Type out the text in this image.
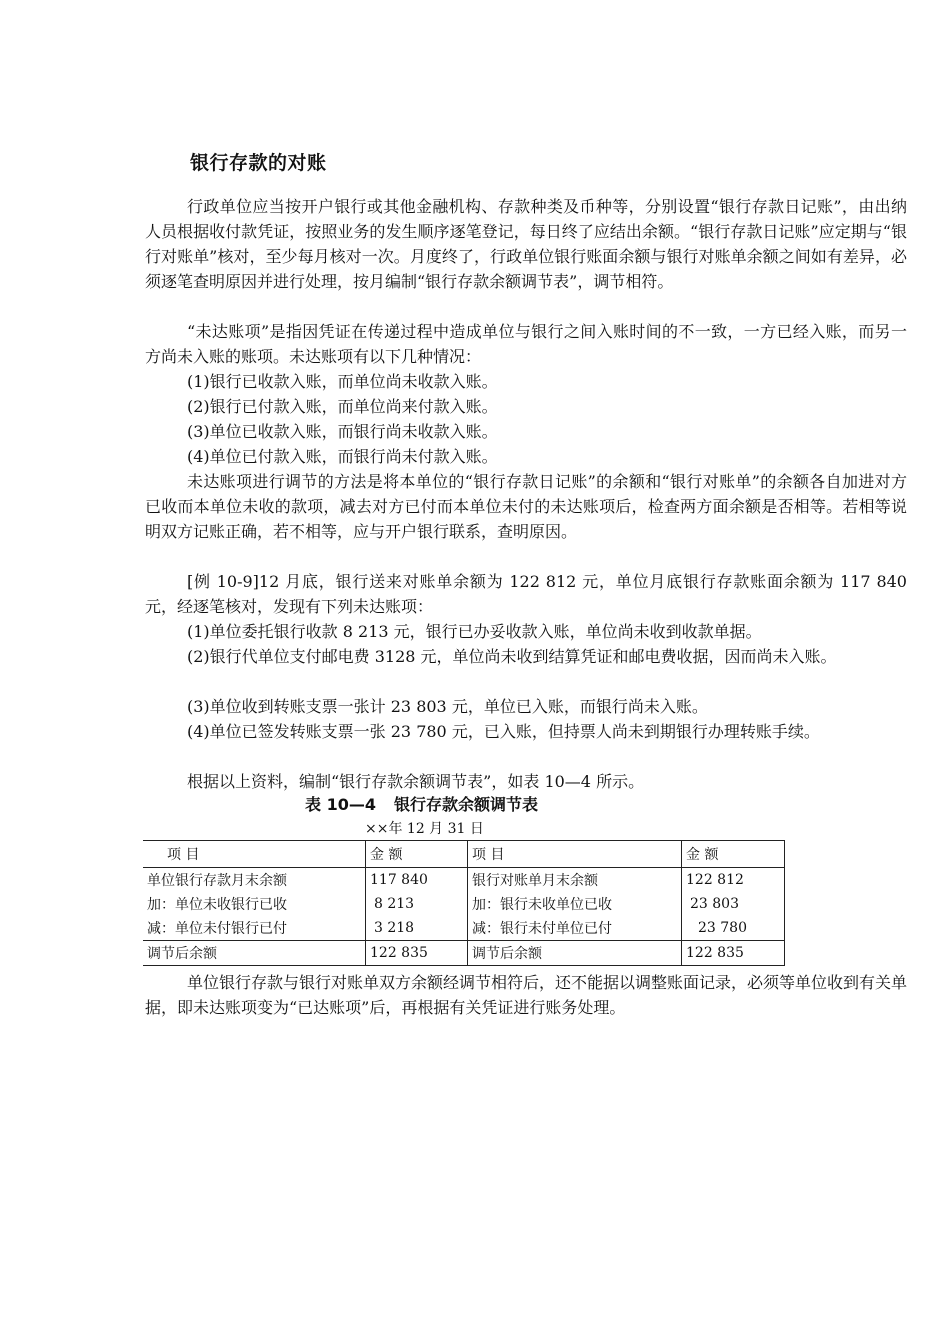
银行存款的对账

行政单位应当按开户银行或其他金融机构、存款种类及币种等，分别设置“银行存款日记账”，由出纳人员根据收付款凭证，按照业务的发生顺序逐笔登记，每日终了应结出余额。“银行存款日记账”应定期与“银行对账单”核对，至少每月核对一次。月度终了，行政单位银行账面余额与银行对账单余额之间如有差异，必须逐笔查明原因并进行处理，按月编制“银行存款余额调节表”，调节相符。

“未达账项”是指因凭证在传递过程中造成单位与银行之间入账时间的不一致，一方已经入账，而另一方尚未入账的账项。未达账项有以下几种情况：

(1)银行已收款入账，而单位尚未收款入账。
(2)银行已付款入账，而单位尚来付款入账。
(3)单位已收款入账，而银行尚未收款入账。
(4)单位已付款入账，而银行尚未付款入账。

未达账项进行调节的方法是将本单位的“银行存款日记账”的余额和“银行对账单”的余额各自加进对方已收而本单位未收的款项，减去对方已付而本单位未付的未达账项后，检查两方面余额是否相等。若相等说明双方记账正确，若不相等，应与开户银行联系，查明原因。

[例 10-9]12 月底，银行送来对账单余额为 122 812 元，单位月底银行存款账面余额为 117 840 元，经逐笔核对，发现有下列未达账项：

(1)单位委托银行收款 8 213 元，银行已办妥收款入账，单位尚未收到收款单据。

(2)银行代单位支付邮电费 3128 元，单位尚未收到结算凭证和邮电费收据，因而尚未入账。

(3)单位收到转账支票一张计 23 803 元，单位已入账，而银行尚未入账。

(4)单位已签发转账支票一张 23 780 元，已入账，但持票人尚未到期银行办理转账手续。

根据以上资料，编制“银行存款余额调节表”，如表 10—4 所示。

表 10—4 银行存款余额调节表
××年 12 月 31 日
项 目	金 额	项 目	金 额
单位银行存款月末余额	117 840	银行对账单月末余额	122 812
加：单位未收银行已收	8 213	加：银行未收单位已收	23 803
减：单位未付银行已付	3 218	减：银行未付单位已付	23 780
调节后余额	122 835	调节后余额	122 835

单位银行存款与银行对账单双方余额经调节相符后，还不能据以调整账面记录，必须等单位收到有关单据，即未达账项变为“已达账项”后，再根据有关凭证进行账务处理。
